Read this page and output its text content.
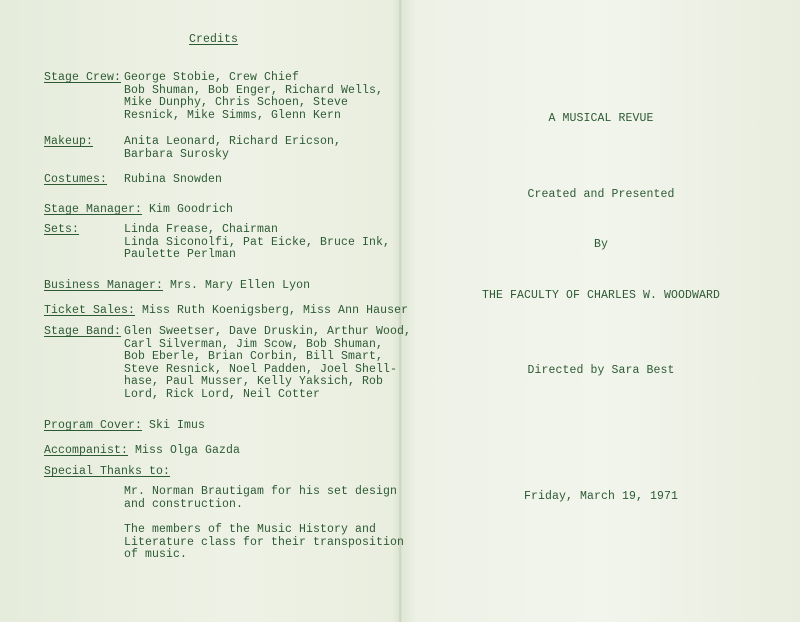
Credits
Stage Crew: George Stobie, Crew Chief
Bob Shuman, Bob Enger, Richard Wells,
Mike Dunphy, Chris Schoen, Steve
Resnick, Mike Simms, Glenn Kern
Makeup:	Anita Leonard, Richard Ericson,
Barbara Surosky
Costumes: Rubina Snowden
Stage Manager: Kim Goodrich
Sets:	Linda Frease, Chairman
Linda Siconolfi, Pat Eicke, Bruce Ink,
Paulette Perlman
Business Manager: Mrs. Mary Ellen Lyon
Ticket Sales: Miss Ruth Koenigsberg, Miss Ann Hauser
Stage Band: Glen Sweetser, Dave Druskin, Arthur Wood,
Carl Silverman, Jim Scow, Bob Shuman,
Bob Eberle, Brian Corbin, Bill Smart,
Steve Resnick, Noel Padden, Joel Shell-
hase, Paul Musser, Kelly Yaksich, Rob
Lord, Rick Lord, Neil Cotter
Program Cover: Ski Imus
Accompanist: Miss Olga Gazda
Special Thanks to:
Mr. Norman Brautigam for his set design
and construction.
The members of the Music History and
Literature class for their transposition
of music.
A MUSICAL REVUE
Created and Presented
By
THE FACULTY OF CHARLES W. WOODWARD
Directed by Sara Best
Friday, March 19, 1971
